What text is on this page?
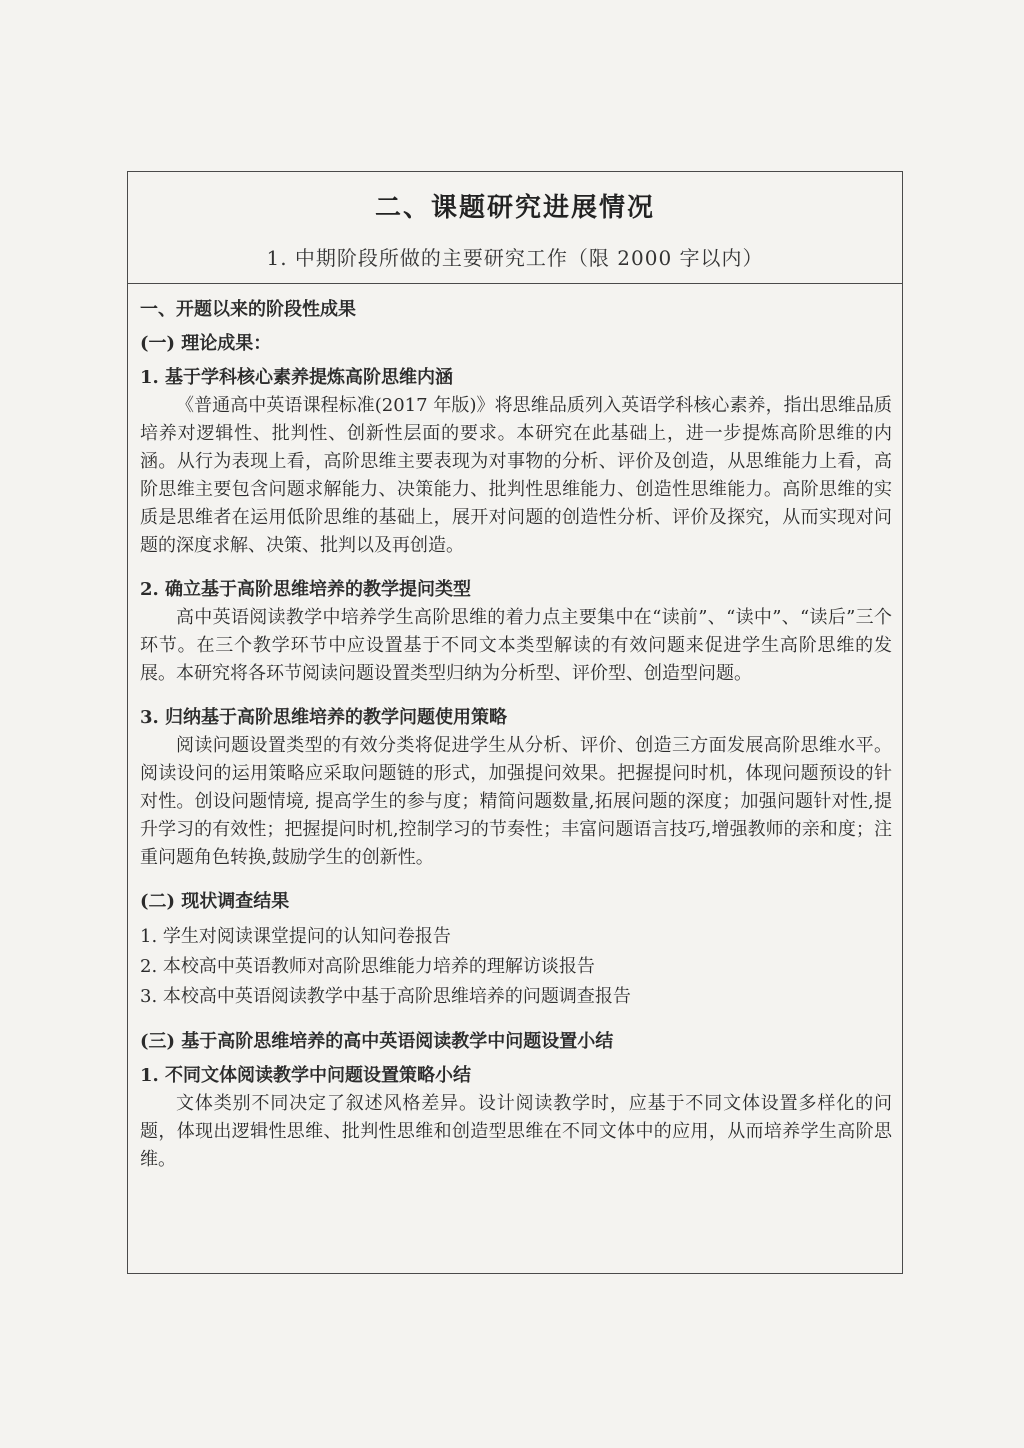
二、课题研究进展情况
1. 中期阶段所做的主要研究工作（限 2000 字以内）
一、开题以来的阶段性成果
(一) 理论成果：
1. 基于学科核心素养提炼高阶思维内涵
《普通高中英语课程标准(2017 年版)》将思维品质列入英语学科核心素养，指出思维品质培养对逻辑性、批判性、创新性层面的要求。本研究在此基础上，进一步提炼高阶思维的内涵。从行为表现上看，高阶思维主要表现为对事物的分析、评价及创造，从思维能力上看，高阶思维主要包含问题求解能力、决策能力、批判性思维能力、创造性思维能力。高阶思维的实质是思维者在运用低阶思维的基础上，展开对问题的创造性分析、评价及探究，从而实现对问题的深度求解、决策、批判以及再创造。
2. 确立基于高阶思维培养的教学提问类型
高中英语阅读教学中培养学生高阶思维的着力点主要集中在“读前”、“读中”、“读后”三个环节。在三个教学环节中应设置基于不同文本类型解读的有效问题来促进学生高阶思维的发展。本研究将各环节阅读问题设置类型归纳为分析型、评价型、创造型问题。
3. 归纳基于高阶思维培养的教学问题使用策略
阅读问题设置类型的有效分类将促进学生从分析、评价、创造三方面发展高阶思维水平。阅读设问的运用策略应采取问题链的形式，加强提问效果。把握提问时机，体现问题预设的针对性。创设问题情境, 提高学生的参与度；精简问题数量,拓展问题的深度；加强问题针对性,提升学习的有效性；把握提问时机,控制学习的节奏性；丰富问题语言技巧,增强教师的亲和度；注重问题角色转换,鼓励学生的创新性。
(二) 现状调查结果
1. 学生对阅读课堂提问的认知问卷报告
2. 本校高中英语教师对高阶思维能力培养的理解访谈报告
3. 本校高中英语阅读教学中基于高阶思维培养的问题调查报告
(三) 基于高阶思维培养的高中英语阅读教学中问题设置小结
1. 不同文体阅读教学中问题设置策略小结
文体类别不同决定了叙述风格差异。设计阅读教学时，应基于不同文体设置多样化的问题，体现出逻辑性思维、批判性思维和创造型思维在不同文体中的应用，从而培养学生高阶思维。
